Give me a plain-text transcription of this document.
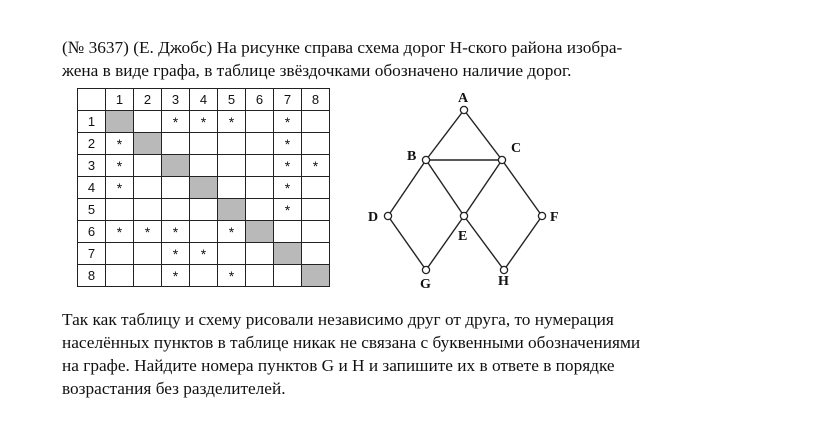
(№ 3637) (Е. Джобс) На рисунке справа схема дорог Н-ского района изобра-
жена в виде графа, в таблице звёздочками обозначено наличие дорог.

	1	2	3	4	5	6	7	8
1			*	*	*		*	
2	*						*	
3	*						*	*
4	*						*	
5							*	
6	*	*	*		*			
7			*	*				
8			*		*			
A
B
C
D
E
F
G	H

Так как таблицу и схему рисовали независимо друг от друга, то нумерация
населённых пунктов в таблице никак не связана с буквенными обозначениями
на графе. Найдите номера пунктов G и H и запишите их в ответе в порядке
возрастания без разделителей.
